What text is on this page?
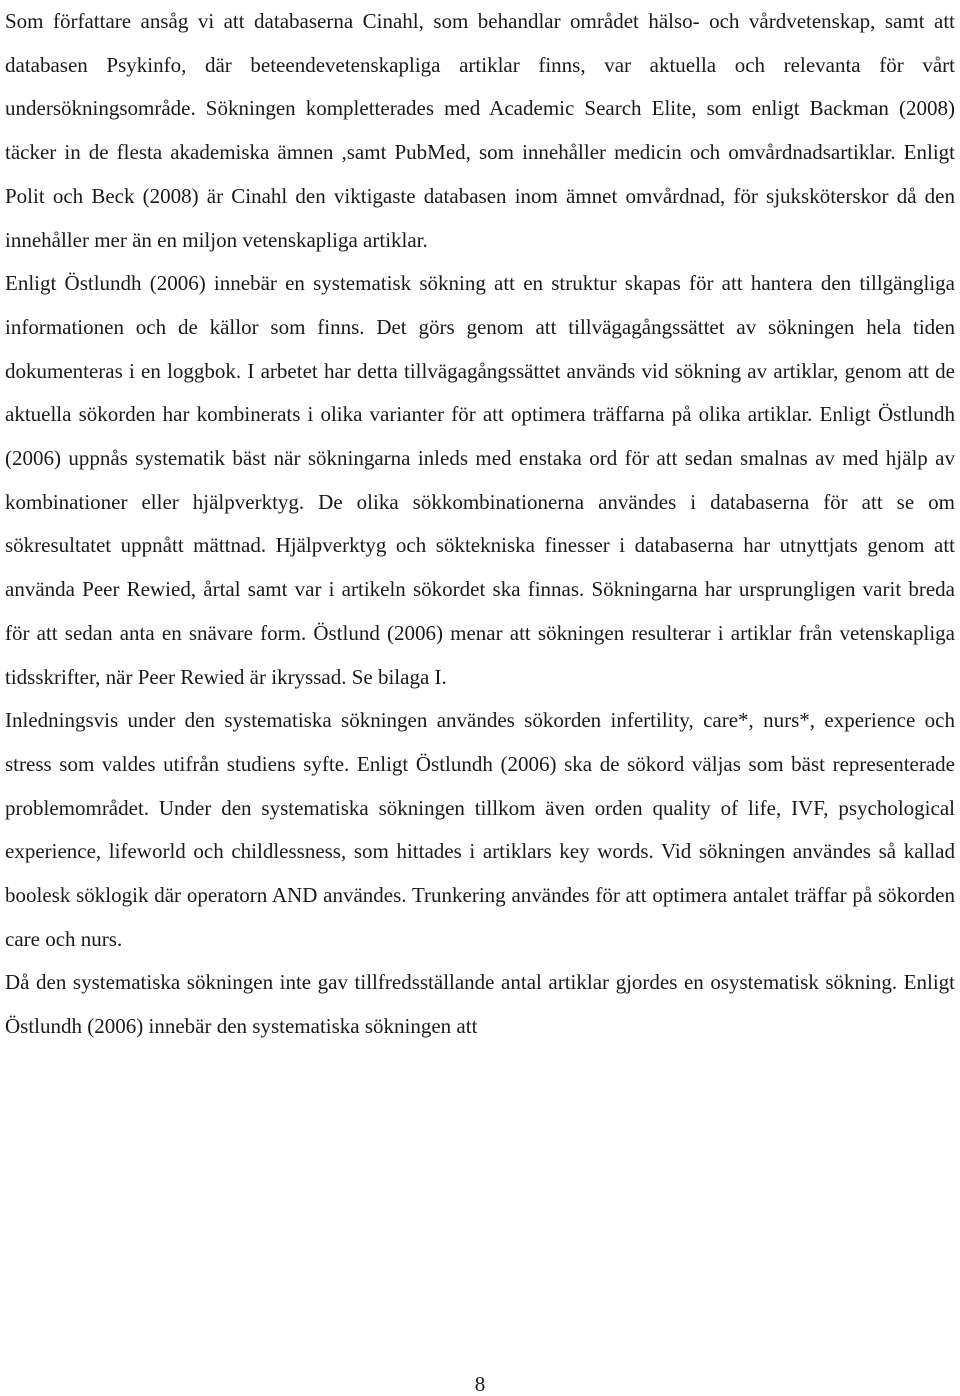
Som författare ansåg vi att databaserna Cinahl, som behandlar området hälso- och vårdvetenskap, samt att databasen Psykinfo, där beteendevetenskapliga artiklar finns, var aktuella och relevanta för vårt undersökningsområde. Sökningen kompletterades med Academic Search Elite, som enligt Backman (2008) täcker in de flesta akademiska ämnen ,samt PubMed, som innehåller medicin och omvårdnadsartiklar. Enligt Polit och Beck (2008) är Cinahl den viktigaste databasen inom ämnet omvårdnad, för sjuksköterskor då den innehåller mer än en miljon vetenskapliga artiklar.

Enligt Östlundh (2006) innebär en systematisk sökning att en struktur skapas för att hantera den tillgängliga informationen och de källor som finns. Det görs genom att tillvägagångssättet av sökningen hela tiden dokumenteras i en loggbok. I arbetet har detta tillvägagångssättet används vid sökning av artiklar, genom att de aktuella sökorden har kombinerats i olika varianter för att optimera träffarna på olika artiklar. Enligt Östlundh (2006) uppnås systematik bäst när sökningarna inleds med enstaka ord för att sedan smalnas av med hjälp av kombinationer eller hjälpverktyg. De olika sökkombinationerna användes i databaserna för att se om sökresultatet uppnått mättnad. Hjälpverktyg och söktekniska finesser i databaserna har utnyttjats genom att använda Peer Rewied, årtal samt var i artikeln sökordet ska finnas. Sökningarna har ursprungligen varit breda för att sedan anta en snävare form. Östlund (2006) menar att sökningen resulterar i artiklar från vetenskapliga tidsskrifter, när Peer Rewied är ikryssad. Se bilaga I.

Inledningsvis under den systematiska sökningen användes sökorden infertility, care*, nurs*, experience och stress som valdes utifrån studiens syfte. Enligt Östlundh (2006) ska de sökord väljas som bäst representerade problemområdet. Under den systematiska sökningen tillkom även orden quality of life, IVF, psychological experience, lifeworld och childlessness, som hittades i artiklars key words. Vid sökningen användes så kallad boolesk söklogik där operatorn AND användes. Trunkering användes för att optimera antalet träffar på sökorden care och nurs.

Då den systematiska sökningen inte gav tillfredsställande antal artiklar gjordes en osystematisk sökning. Enligt Östlundh (2006) innebär den systematiska sökningen att

8
